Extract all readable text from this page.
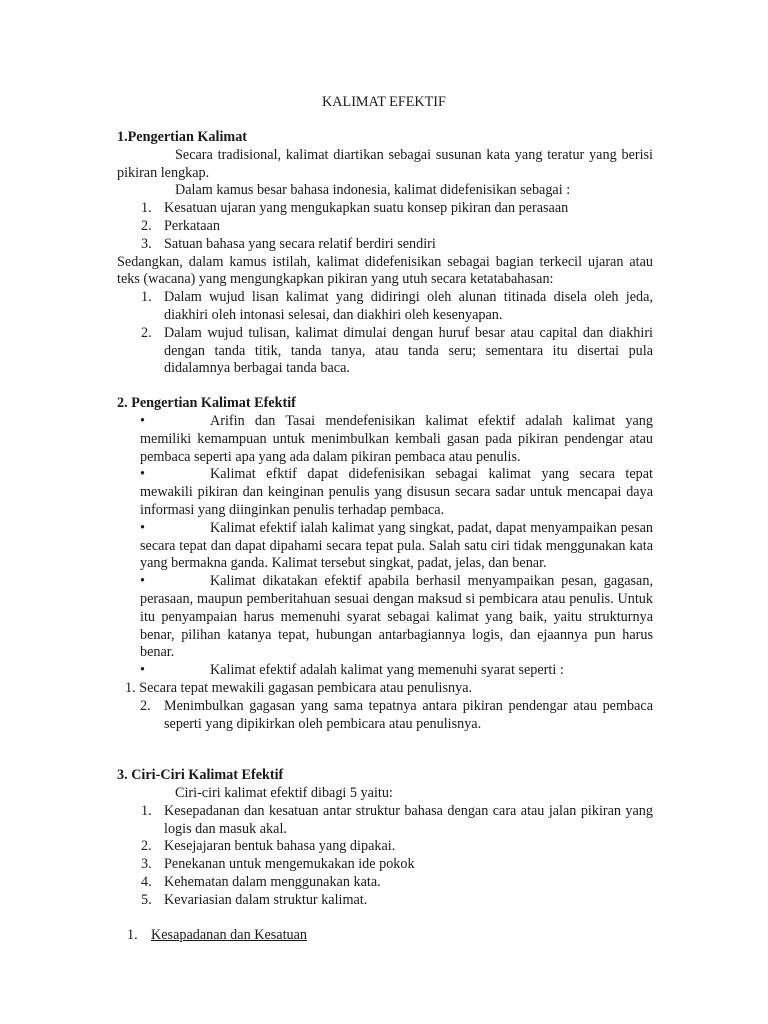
KALIMAT EFEKTIF

1.Pengertian Kalimat

Secara tradisional, kalimat diartikan sebagai susunan kata yang teratur yang berisi pikiran lengkap.

Dalam kamus besar bahasa indonesia, kalimat didefenisikan sebagai :

1. Kesatuan ujaran yang mengukapkan suatu konsep pikiran dan perasaan
2. Perkataan
3. Satuan bahasa yang secara relatif berdiri sendiri

Sedangkan, dalam kamus istilah, kalimat didefenisikan sebagai bagian terkecil ujaran atau teks (wacana) yang mengungkapkan pikiran yang utuh secara ketatabahasan:

1. Dalam wujud lisan kalimat yang didiringi oleh alunan titinada disela oleh jeda, diakhiri oleh intonasi selesai, dan diakhiri oleh kesenyapan.
2. Dalam wujud tulisan, kalimat dimulai dengan huruf besar atau capital dan diakhiri dengan tanda titik, tanda tanya, atau tanda seru; sementara itu disertai pula didalamnya berbagai tanda baca.

2. Pengertian Kalimat Efektif

•	Arifin dan Tasai mendefenisikan kalimat efektif adalah kalimat yang memiliki kemampuan untuk menimbulkan kembali gasan pada pikiran pendengar atau pembaca seperti apa yang ada dalam pikiran pembaca atau penulis.
•	Kalimat efktif dapat didefenisikan sebagai kalimat yang secara tepat mewakili pikiran dan keinginan penulis yang disusun secara sadar untuk mencapai daya informasi yang diinginkan penulis terhadap pembaca.
•	Kalimat efektif ialah kalimat yang singkat, padat, dapat menyampaikan pesan secara tepat dan dapat dipahami secara tepat pula. Salah satu ciri tidak menggunakan kata yang bermakna ganda. Kalimat tersebut singkat, padat, jelas, dan benar.
•	Kalimat dikatakan efektif apabila berhasil menyampaikan pesan, gagasan, perasaan, maupun pemberitahuan sesuai dengan maksud si pembicara atau penulis. Untuk itu penyampaian harus memenuhi syarat sebagai kalimat yang baik, yaitu strukturnya benar, pilihan katanya tepat, hubungan antarbagiannya logis, dan ejaannya pun harus benar.
•	Kalimat efektif adalah kalimat yang memenuhi syarat seperti :

1. Secara tepat mewakili gagasan pembicara atau penulisnya.

2. Menimbulkan gagasan yang sama tepatnya antara pikiran pendengar atau pembaca seperti yang dipikirkan oleh pembicara atau penulisnya.

3. Ciri-Ciri Kalimat Efektif

Ciri-ciri kalimat efektif dibagi 5 yaitu:

1. Kesepadanan dan kesatuan antar struktur bahasa dengan cara atau jalan pikiran yang logis dan masuk akal.
2. Kesejajaran bentuk bahasa yang dipakai.
3. Penekanan untuk mengemukakan ide pokok
4. Kehematan dalam menggunakan kata.
5. Kevariasian dalam struktur kalimat.

1. Kesapadanan dan Kesatuan
